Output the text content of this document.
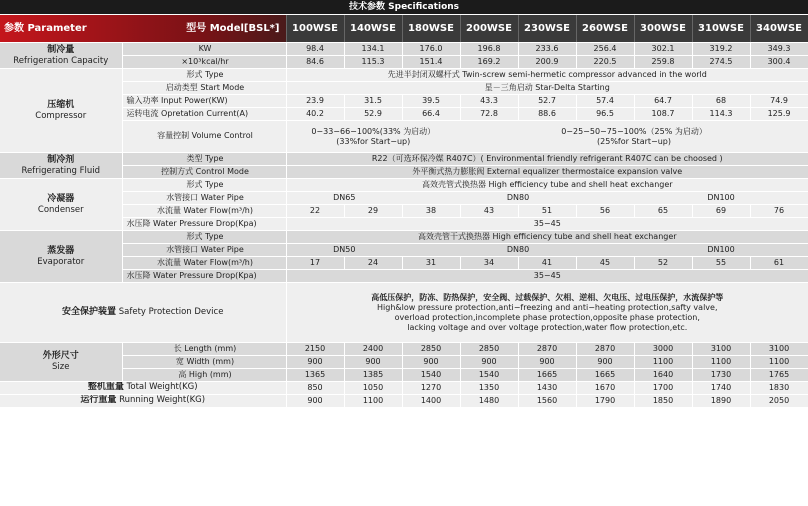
技术参数 Specifications										

参数 Parameter 型号 Model[BSL*]		100WSE	140WSE	180WSE	200WSE	230WSE	260WSE	300WSE	310WSE	340WSE
制冷量
Refrigeration Capacity	KW	98.4	134.1	176.0	196.8	233.6	256.4	302.1	319.2	349.3
	×10³kcal/hr	84.6	115.3	151.4	169.2	200.9	220.5	259.8	274.5	300.4
压缩机
Compressor	形式 Type	先进半封闭双螺杆式 Twin-screw semi-hermetic compressor advanced in the world								
	启动类型 Start Mode	星－三角启动 Star-Delta Starting								
	输入功率 Input Power(KW)	23.9	31.5	39.5	43.3	52.7	57.4	64.7	68	74.9
	运转电流 Opretation Current(A)	40.2	52.9	66.4	72.8	88.6	96.5	108.7	114.3	125.9
	容量控制 Volume Control	0−33−66−100%(33% 为启动）
(33%for Start−up)			0−25−50−75−100%（25% 为启动）
(25%for Start−up)					
制冷剂
Refrigerating Fluid	类型 Type	R22（可选环保冷媒 R407C）( Environmental friendly refrigerant R407C can be choosed )								
	控制方式 Control Mode	外平衡式热力膨胀阀 External equalizer thermostaice expansion valve								
冷凝器
Condenser	形式 Type	高效壳管式换热器 High efficiency tube and shell heat exchanger								
	水管接口 Water Pipe	DN65		DN80				DN100		
	水流量 Water Flow(m³/h)	22	29	38	43	51	56	65	69	76
	水压降 Water Pressure Drop(Kpa)	35−45								
蒸发器
Evaporator	形式 Type	高效壳管干式换热器 High efficiency tube and shell heat exchanger								
	水管接口 Water Pipe	DN50		DN80				DN100		
	水流量 Water Flow(m³/h)	17	24	31	34	41	45	52	55	61
	水压降 Water Pressure Drop(Kpa)	35−45								
安全保护装置 Safety Protection Device		高低压保护，防冻、防热保护，安全阀、过载保护、欠相、逆相、欠电压、过电压保护，水流保护等
High&low pressure protection,anti−freezing and anti−heating protection,safty valve,
overload protection,incomplete phase protection,opposite phase protection,
lacking voltage and over voltage protection,water flow protection,etc.								
外形尺寸
Size	长 Length (mm)	2150	2400	2850	2850	2870	2870	3000	3100	3100
	宽 Width (mm)	900	900	900	900	900	900	1100	1100	1100
	高 High (mm)	1365	1385	1540	1540	1665	1665	1640	1730	1765
整机重量 Total Weight(KG)		850	1050	1270	1350	1430	1670	1700	1740	1830
运行重量 Running Weight(KG)		900	1100	1400	1480	1560	1790	1850	1890	2050
